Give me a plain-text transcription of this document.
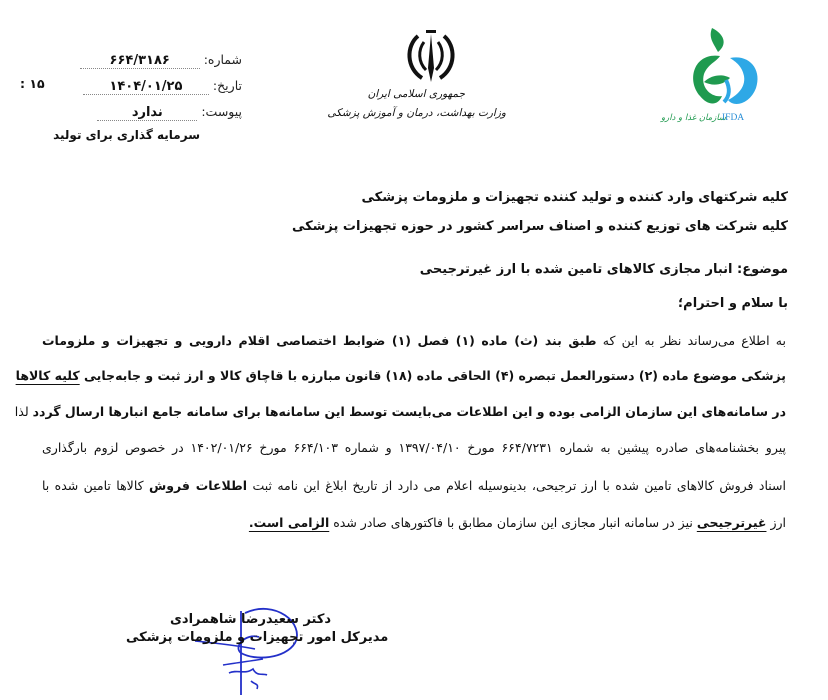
شماره:
۶۶۴/۳۱۸۶
تاریخ:
۱۴۰۴/۰۱/۲۵
: ۱۵
پیوست:
ندارد
سرمایه گذاری برای تولید
جمهوری اسلامی ایران
وزارت بهداشت، درمان و آموزش پزشکی	سازمان غذا و دارو
IFDA
کلیه شرکتهای وارد کننده و تولید کننده تجهیزات و ملزومات پزشکی
کلیه شرکت های توزیع کننده و اصناف سراسر کشور در حوزه تجهیزات پزشکی
موضوع: انبار مجازی کالاهای تامین شده با ارز غیرترجیحی
با سلام و احترام؛
به اطلاع می‌رساند نظر به این که طبق بند (ث) ماده (۱) فصل (۱) ضوابط اختصاصی اقلام دارویی و تجهیزات و ملزومات
پزشکی موضوع ماده (۲) دستورالعمل تبصره (۴) الحاقی ماده (۱۸) قانون مبارزه با قاچاق کالا و ارز ثبت و جابه‌جایی کلیه کالاها
در سامانه‌های این سازمان الزامی بوده و این اطلاعات می‌بایست توسط این سامانه‌ها برای سامانه جامع انبارها ارسال گردد لذا
پیرو بخشنامه‌های صادره پیشین به شماره ۶۶۴/۷۲۳۱ مورخ ۱۳۹۷/۰۴/۱۰ و شماره ۶۶۴/۱۰۳ مورخ ۱۴۰۲/۰۱/۲۶ در خصوص لزوم بارگذاری
اسناد فروش کالاهای تامین شده با ارز ترجیحی، بدینوسیله اعلام می دارد از تاریخ ابلاغ این نامه ثبت اطلاعات فروش کالاها تامین شده با
ارز غیرترجیحی نیز در سامانه انبار مجازی این سازمان مطابق با فاکتورهای صادر شده الزامی است.
دکتر سعیدرضا شاهمرادی
مدیرکل امور تجهیزات و ملزومات پزشکی
